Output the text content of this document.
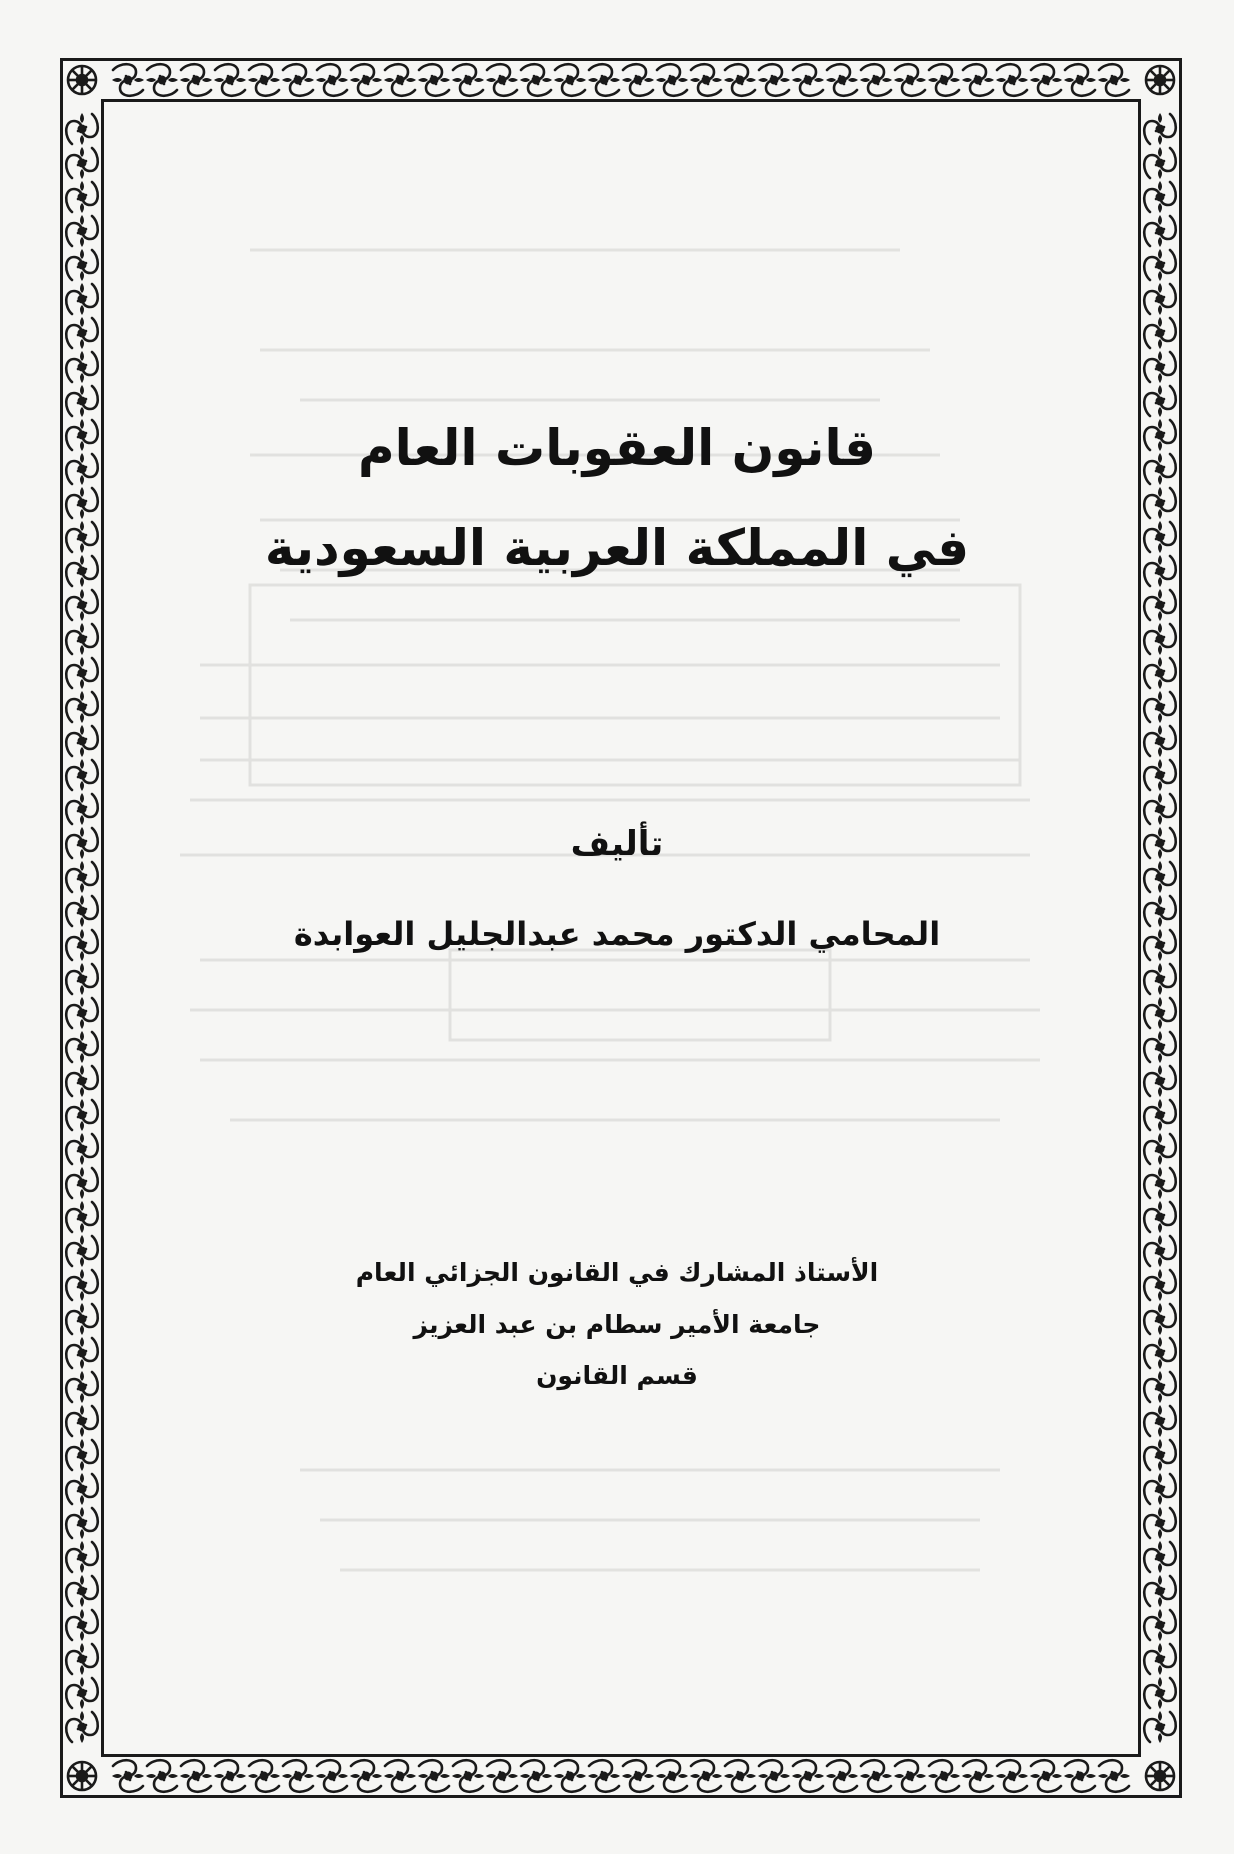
قانون العقوبات العام
في المملكة العربية السعودية
تأليف
المحامي الدكتور محمد عبدالجليل العوابدة
الأستاذ المشارك في القانون الجزائي العام
جامعة الأمير سطام بن عبد العزيز
قسم القانون
